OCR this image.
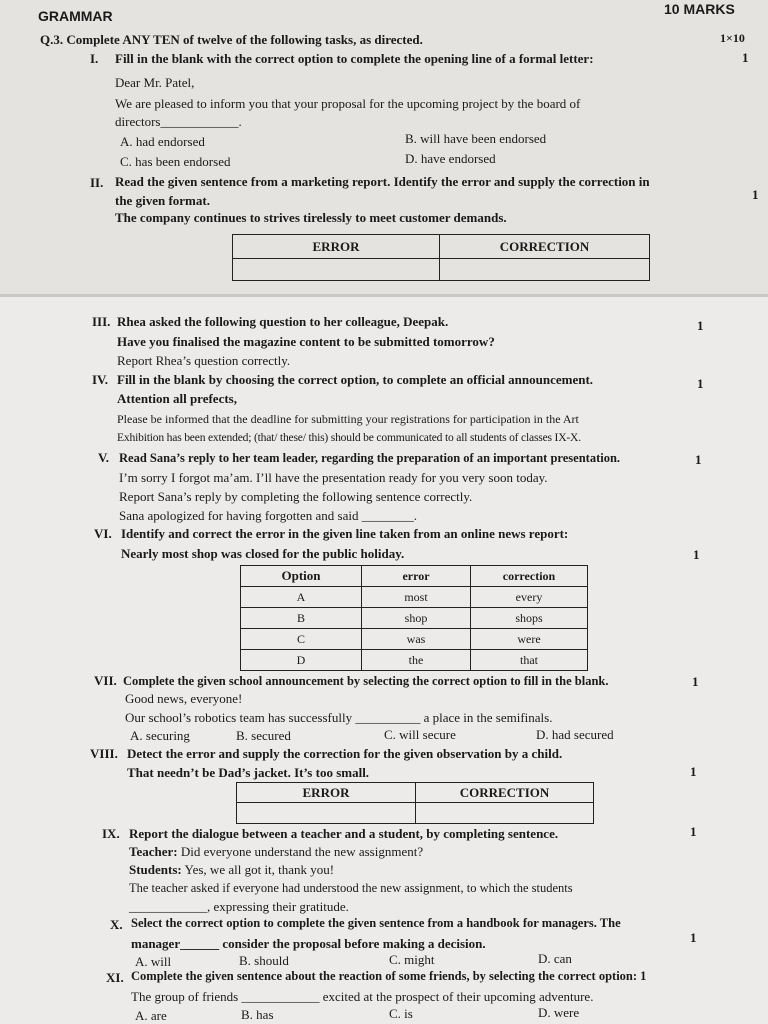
GRAMMAR	10 MARKS
Q.3. Complete ANY TEN of twelve of the following tasks, as directed.	1×10
I. Fill in the blank with the correct option to complete the opening line of a formal letter:	1
Dear Mr. Patel,
We are pleased to inform you that your proposal for the upcoming project by the board of
directors____________.
A. had endorsed	B. will have been endorsed
C. has been endorsed	D. have endorsed
II. Read the given sentence from a marketing report. Identify the error and supply the correction in
the given format.	1
The company continues to strives tirelessly to meet customer demands.
ERROR	CORRECTION

III. Rhea asked the following question to her colleague, Deepak.	1
Have you finalised the magazine content to be submitted tomorrow?
Report Rhea’s question correctly.
IV. Fill in the blank by choosing the correct option, to complete an official announcement.	1
Attention all prefects,
Please be informed that the deadline for submitting your registrations for participation in the Art
Exhibition has been extended; (that/ these/ this) should be communicated to all students of classes IX-X.
V. Read Sana’s reply to her team leader, regarding the preparation of an important presentation.	1
I’m sorry I forgot ma’am. I’ll have the presentation ready for you very soon today.
Report Sana’s reply by completing the following sentence correctly.
Sana apologized for having forgotten and said ________.
VI. Identify and correct the error in the given line taken from an online news report:
Nearly most shop was closed for the public holiday.	1
Option	error	correction
A	most	every
B	shop	shops
C	was	were
D	the	that
VII. Complete the given school announcement by selecting the correct option to fill in the blank.	1
Good news, everyone!
Our school’s robotics team has successfully __________ a place in the semifinals.
A. securing	B. secured	C. will secure	D. had secured
VIII. Detect the error and supply the correction for the given observation by a child.
That needn’t be Dad’s jacket. It’s too small.	1
ERROR	CORRECTION

IX. Report the dialogue between a teacher and a student, by completing sentence.	1
Teacher: Did everyone understand the new assignment?
Students: Yes, we all got it, thank you!
The teacher asked if everyone had understood the new assignment, to which the students
____________, expressing their gratitude.
X. Select the correct option to complete the given sentence from a handbook for managers. The
manager______ consider the proposal before making a decision.	1
A. will	B. should	C. might	D. can
XI. Complete the given sentence about the reaction of some friends, by selecting the correct option: 1
The group of friends ____________ excited at the prospect of their upcoming adventure.
A. are	B. has	C. is	D. were
